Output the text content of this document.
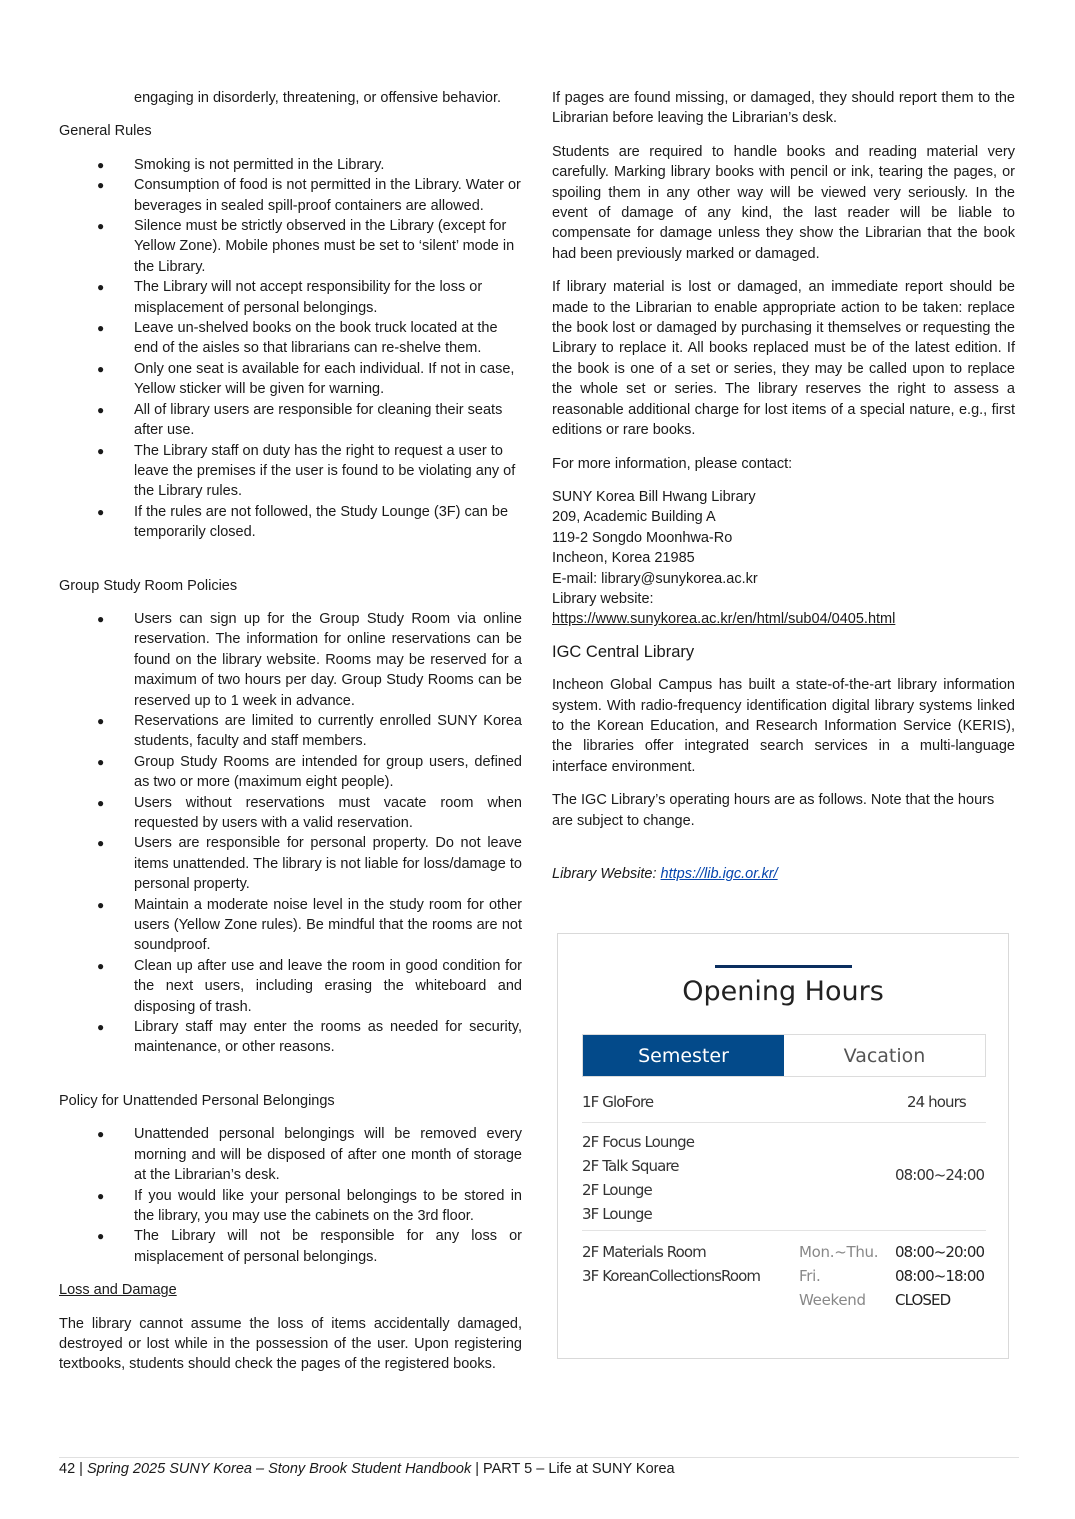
engaging in disorderly, threatening, or offensive behavior.

General Rules

● Smoking is not permitted in the Library.
● Consumption of food is not permitted in the Library. Water or beverages in sealed spill-proof containers are allowed.
● Silence must be strictly observed in the Library (except for Yellow Zone). Mobile phones must be set to ‘silent’ mode in the Library.
● The Library will not accept responsibility for the loss or misplacement of personal belongings.
● Leave un-shelved books on the book truck located at the end of the aisles so that librarians can re-shelve them.
● Only one seat is available for each individual. If not in case, Yellow sticker will be given for warning.
● All of library users are responsible for cleaning their seats after use.
● The Library staff on duty has the right to request a user to leave the premises if the user is found to be violating any of the Library rules.
● If the rules are not followed, the Study Lounge (3F) can be temporarily closed.

Group Study Room Policies

● Users can sign up for the Group Study Room via online reservation. The information for online reservations can be found on the library website. Rooms may be reserved for a maximum of two hours per day. Group Study Rooms can be reserved up to 1 week in advance.
● Reservations are limited to currently enrolled SUNY Korea students, faculty and staff members.
● Group Study Rooms are intended for group users, defined as two or more (maximum eight people).
● Users without reservations must vacate room when requested by users with a valid reservation.
● Users are responsible for personal property. Do not leave items unattended. The library is not liable for loss/damage to personal property.
● Maintain a moderate noise level in the study room for other users (Yellow Zone rules). Be mindful that the rooms are not soundproof.
● Clean up after use and leave the room in good condition for the next users, including erasing the whiteboard and disposing of trash.
● Library staff may enter the rooms as needed for security, maintenance, or other reasons.

Policy for Unattended Personal Belongings

● Unattended personal belongings will be removed every morning and will be disposed of after one month of storage at the Librarian’s desk.
● If you would like your personal belongings to be stored in the library, you may use the cabinets on the 3rd floor.
● The Library will not be responsible for any loss or misplacement of personal belongings.

Loss and Damage

The library cannot assume the loss of items accidentally damaged, destroyed or lost while in the possession of the user. Upon registering textbooks, students should check the pages of the registered books.

If pages are found missing, or damaged, they should report them to the Librarian before leaving the Librarian’s desk.

Students are required to handle books and reading material very carefully. Marking library books with pencil or ink, tearing the pages, or spoiling them in any other way will be viewed very seriously. In the event of damage of any kind, the last reader will be liable to compensate for damage unless they show the Librarian that the book had been previously marked or damaged.

If library material is lost or damaged, an immediate report should be made to the Librarian to enable appropriate action to be taken: replace the book lost or damaged by purchasing it themselves or requesting the Library to replace it. All books replaced must be of the latest edition. If the book is one of a set or series, they may be called upon to replace the whole set or series. The library reserves the right to assess a reasonable additional charge for lost items of a special nature, e.g., first editions or rare books.

For more information, please contact:

SUNY Korea Bill Hwang Library

209, Academic Building A

119-2 Songdo Moonhwa-Ro

Incheon, Korea 21985

E-mail: library@sunykorea.ac.kr

Library website:

https://www.sunykorea.ac.kr/en/html/sub04/0405.html

IGC Central Library

Incheon Global Campus has built a state-of-the-art library information system. With radio-frequency identification digital library systems linked to the Korean Education, and Research Information Service (KERIS), the libraries offer integrated search services in a multi-language interface environment.

The IGC Library’s operating hours are as follows. Note that the hours are subject to change.

Library Website: https://lib.igc.or.kr/

Opening Hours
Semester	Vacation
1F GloFore	24 hours
2F Focus Lounge
2F Talk Square
2F Lounge
3F Lounge
08:00~24:00
2F Materials Room
3F KoreanCollectionsRoom
Mon.~Thu.
Fri.
Weekend
08:00~20:00
08:00~18:00
CLOSED
42 | Spring 2025 SUNY Korea – Stony Brook Student Handbook | PART 5 – Life at SUNY Korea
